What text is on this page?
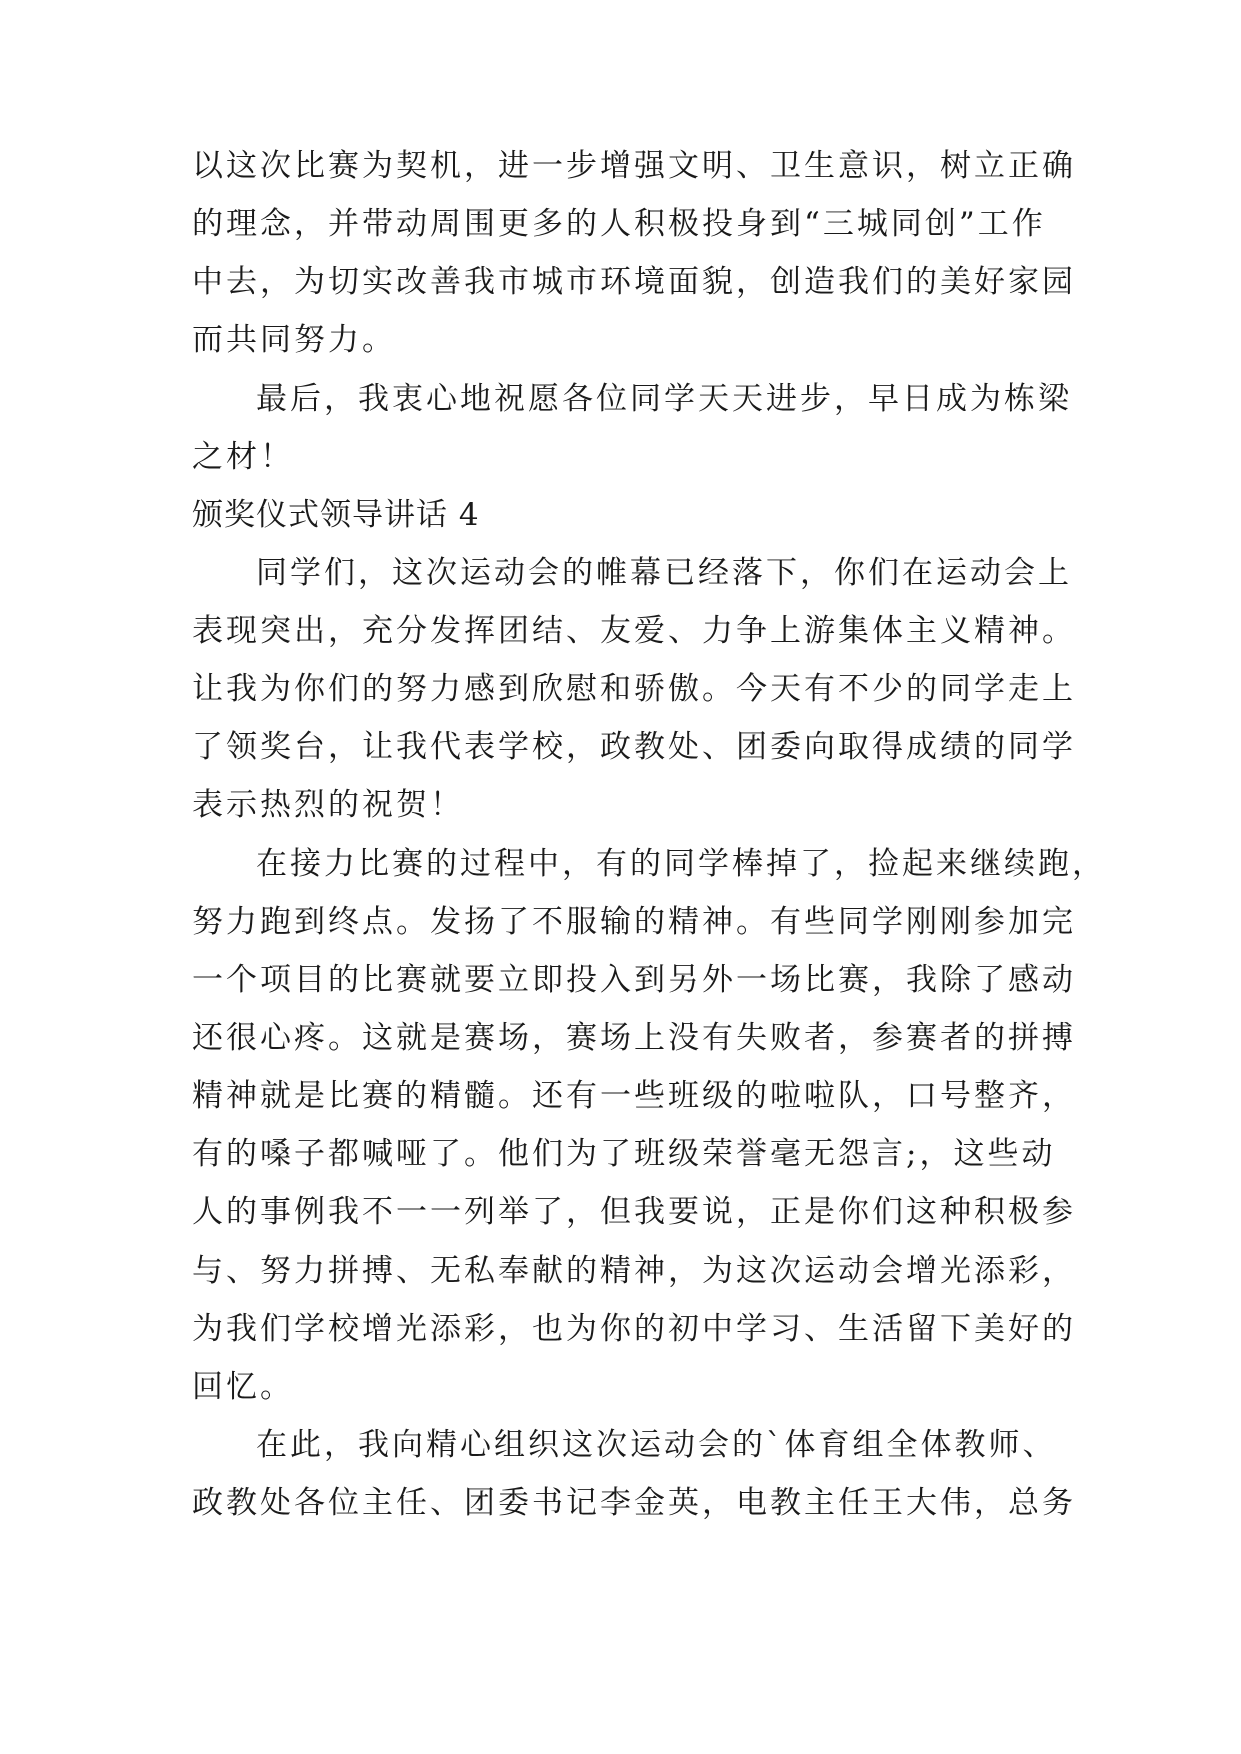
以这次比赛为契机，进一步增强文明、卫生意识，树立正确
的理念，并带动周围更多的人积极投身到“三城同创”工作
中去，为切实改善我市城市环境面貌，创造我们的美好家园
而共同努力。
最后，我衷心地祝愿各位同学天天进步，早日成为栋梁
之材！
颁奖仪式领导讲话 4
同学们，这次运动会的帷幕已经落下，你们在运动会上
表现突出，充分发挥团结、友爱、力争上游集体主义精神。
让我为你们的努力感到欣慰和骄傲。今天有不少的同学走上
了领奖台，让我代表学校，政教处、团委向取得成绩的同学
表示热烈的祝贺！
在接力比赛的过程中，有的同学棒掉了，捡起来继续跑，
努力跑到终点。发扬了不服输的精神。有些同学刚刚参加完
一个项目的比赛就要立即投入到另外一场比赛，我除了感动
还很心疼。这就是赛场，赛场上没有失败者，参赛者的拼搏
精神就是比赛的精髓。还有一些班级的啦啦队，口号整齐，
有的嗓子都喊哑了。他们为了班级荣誉毫无怨言;，这些动
人的事例我不一一列举了，但我要说，正是你们这种积极参
与、努力拼搏、无私奉献的精神，为这次运动会增光添彩，
为我们学校增光添彩，也为你的初中学习、生活留下美好的
回忆。
在此，我向精心组织这次运动会的`体育组全体教师、
政教处各位主任、团委书记李金英，电教主任王大伟，总务
